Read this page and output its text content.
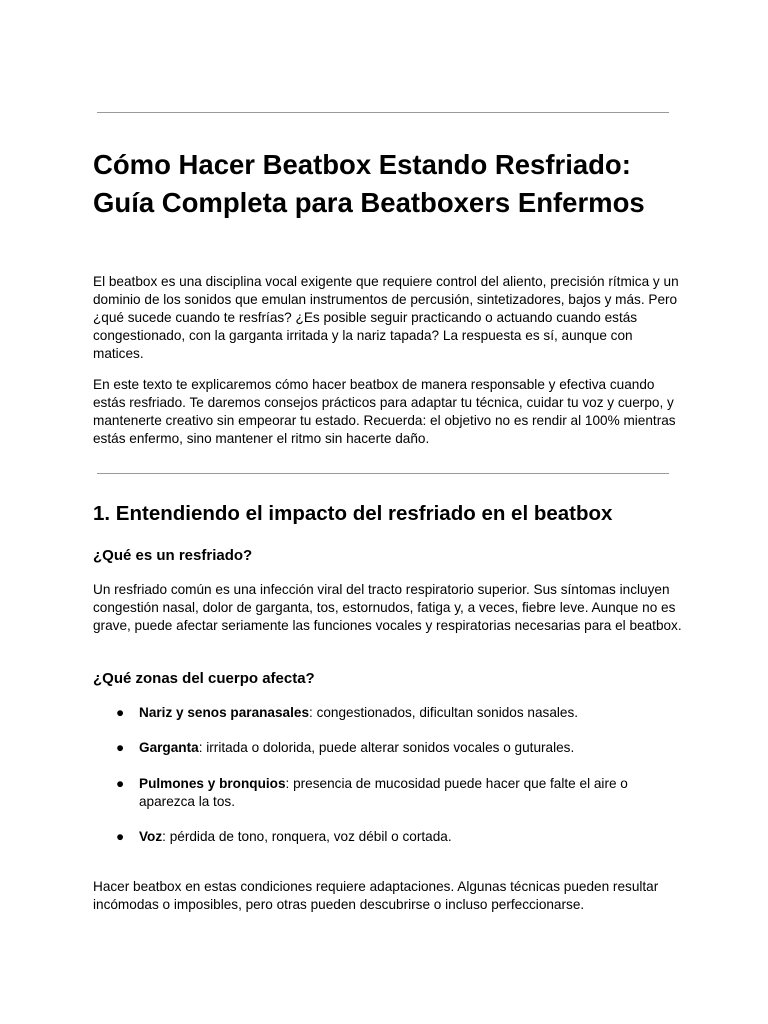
Cómo Hacer Beatbox Estando Resfriado: Guía Completa para Beatboxers Enfermos

El beatbox es una disciplina vocal exigente que requiere control del aliento, precisión rítmica y un dominio de los sonidos que emulan instrumentos de percusión, sintetizadores, bajos y más. Pero ¿qué sucede cuando te resfrías? ¿Es posible seguir practicando o actuando cuando estás congestionado, con la garganta irritada y la nariz tapada? La respuesta es sí, aunque con matices.

En este texto te explicaremos cómo hacer beatbox de manera responsable y efectiva cuando estás resfriado. Te daremos consejos prácticos para adaptar tu técnica, cuidar tu voz y cuerpo, y mantenerte creativo sin empeorar tu estado. Recuerda: el objetivo no es rendir al 100% mientras estás enfermo, sino mantener el ritmo sin hacerte daño.

1. Entendiendo el impacto del resfriado en el beatbox
¿Qué es un resfriado?

Un resfriado común es una infección viral del tracto respiratorio superior. Sus síntomas incluyen congestión nasal, dolor de garganta, tos, estornudos, fatiga y, a veces, fiebre leve. Aunque no es grave, puede afectar seriamente las funciones vocales y respiratorias necesarias para el beatbox.

¿Qué zonas del cuerpo afecta?
● Nariz y senos paranasales: congestionados, dificultan sonidos nasales.
● Garganta: irritada o dolorida, puede alterar sonidos vocales o guturales.
● Pulmones y bronquios: presencia de mucosidad puede hacer que falte el aire o aparezca la tos.
● Voz: pérdida de tono, ronquera, voz débil o cortada.

Hacer beatbox en estas condiciones requiere adaptaciones. Algunas técnicas pueden resultar incómodas o imposibles, pero otras pueden descubrirse o incluso perfeccionarse.
